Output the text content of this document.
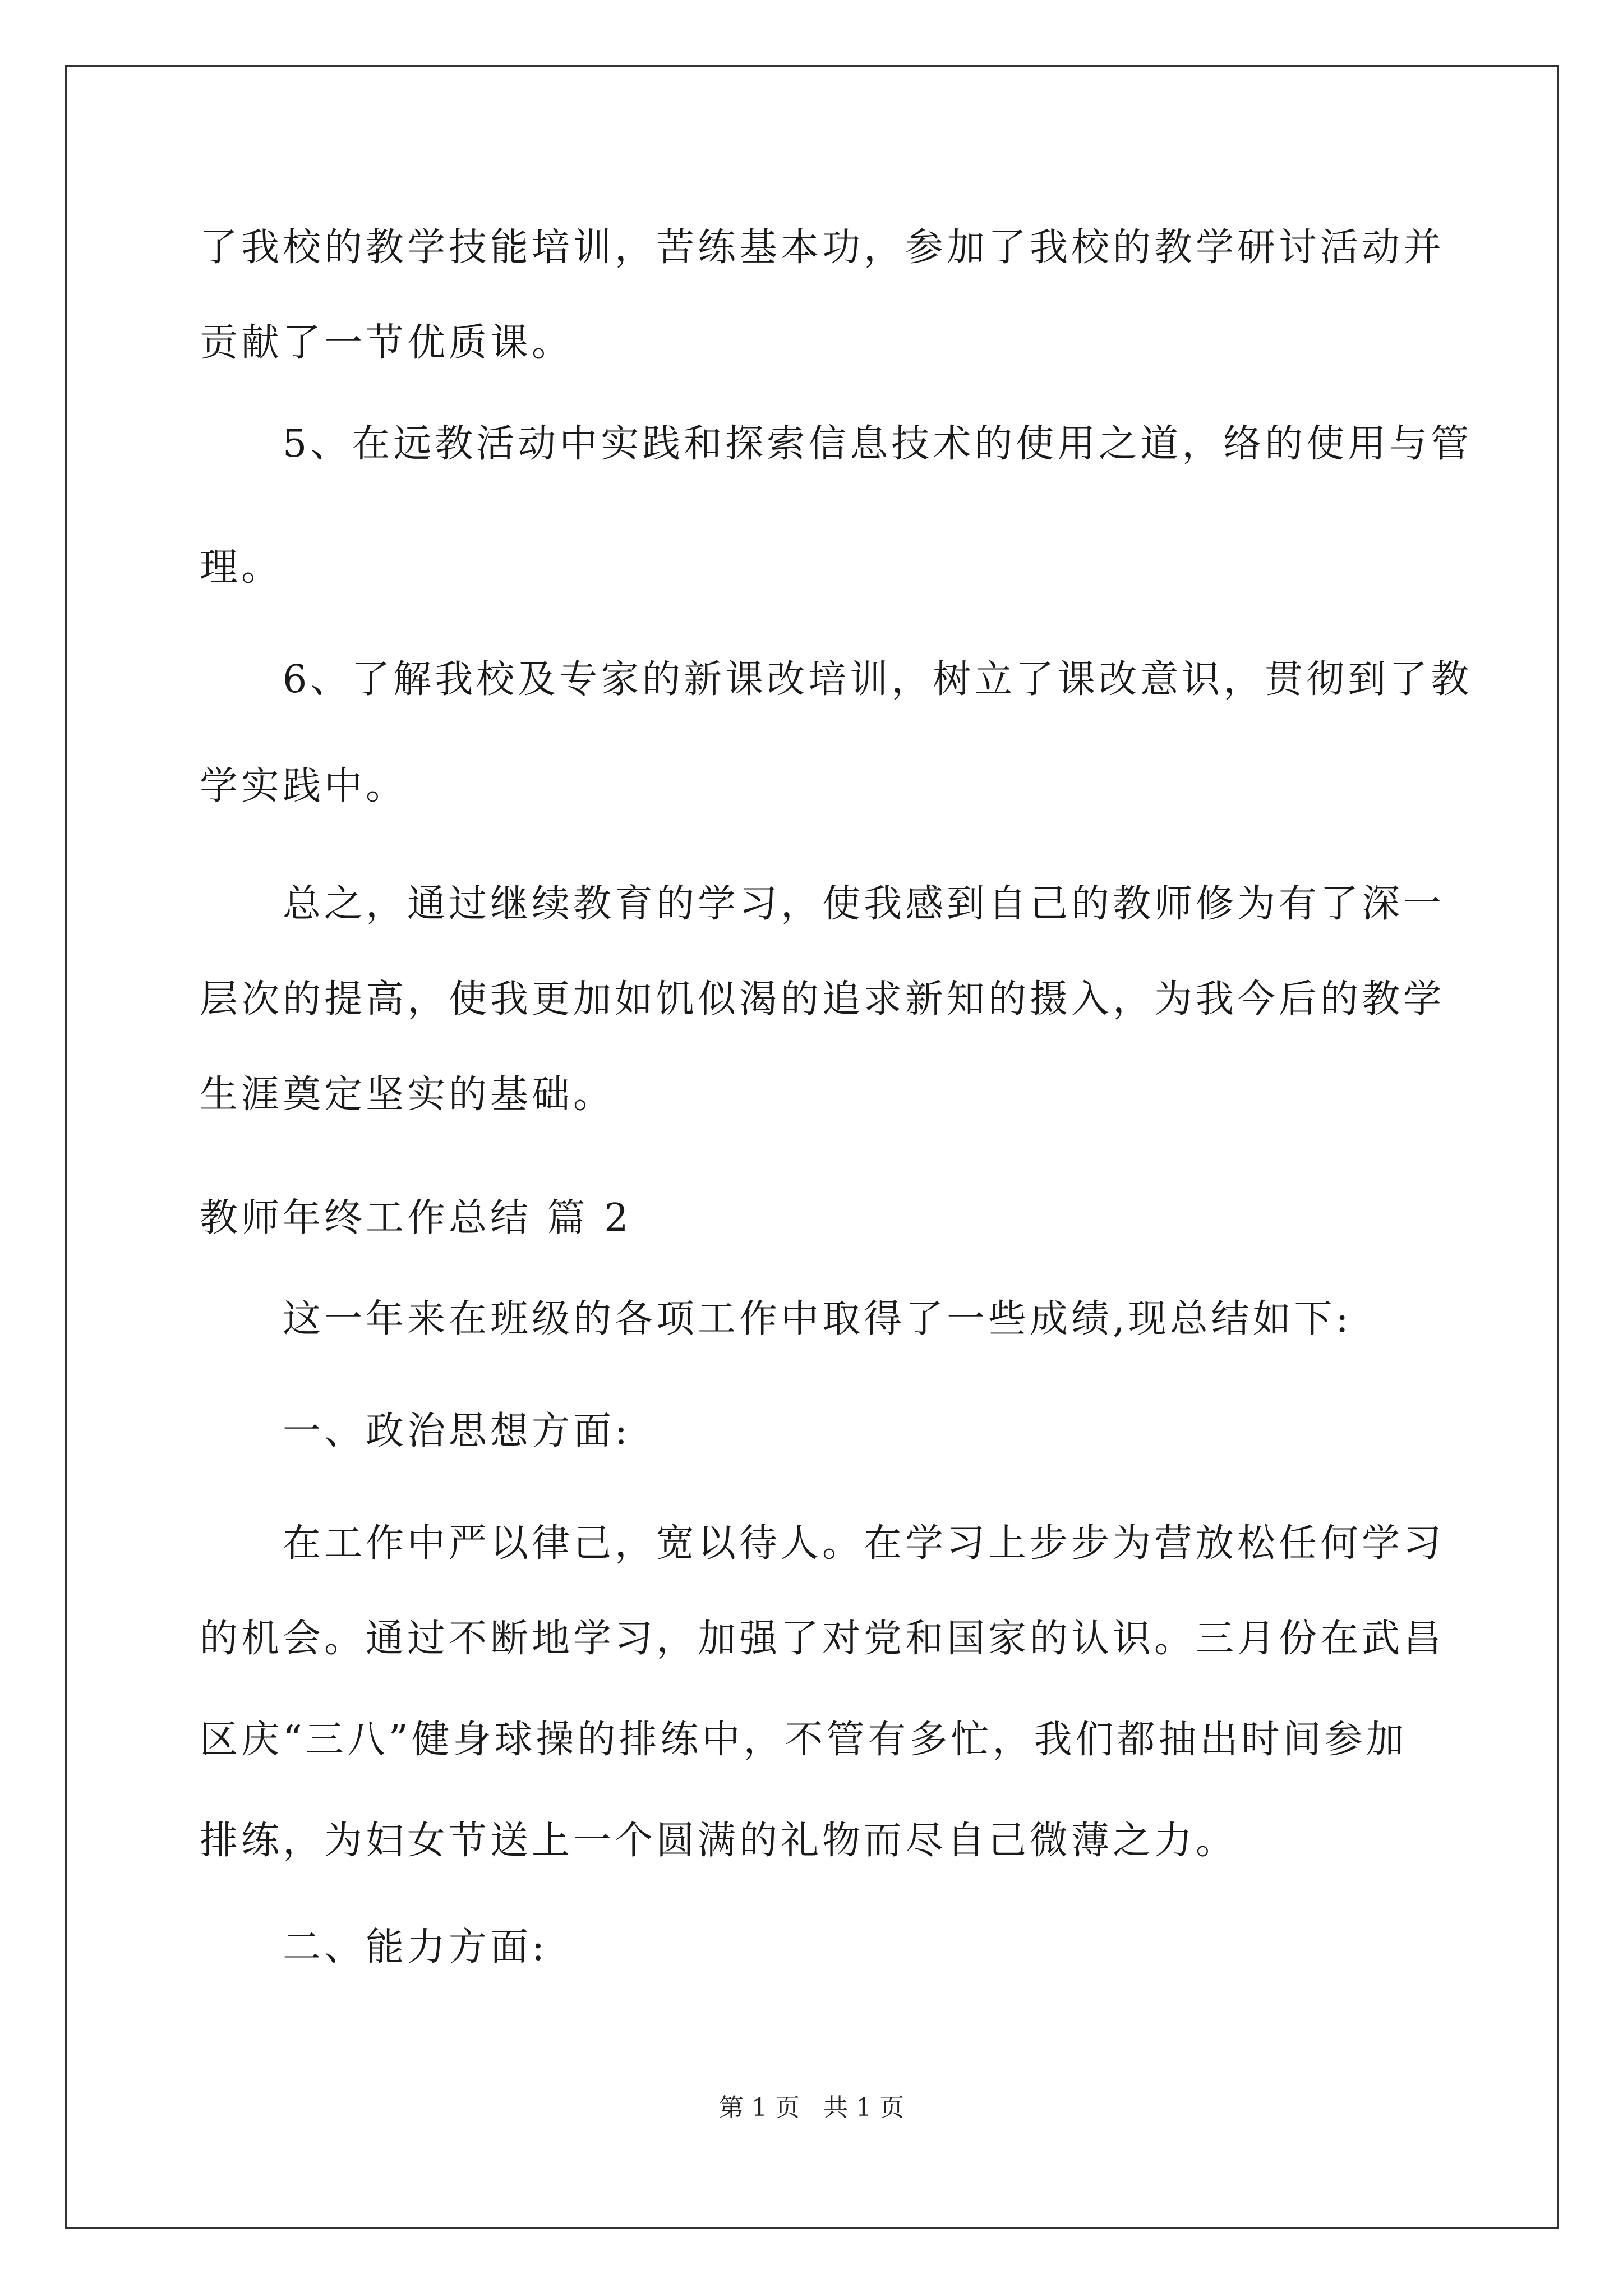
了我校的教学技能培训，苦练基本功，参加了我校的教学研讨活动并
贡献了一节优质课。
5、在远教活动中实践和探索信息技术的使用之道，络的使用与管
理。
6、了解我校及专家的新课改培训，树立了课改意识，贯彻到了教
学实践中。
总之，通过继续教育的学习，使我感到自己的教师修为有了深一
层次的提高，使我更加如饥似渴的追求新知的摄入，为我今后的教学
生涯奠定坚实的基础。
教师年终工作总结 篇 2
这一年来在班级的各项工作中取得了一些成绩,现总结如下:
一、政治思想方面:
在工作中严以律己，宽以待人。在学习上步步为营放松任何学习
的机会。通过不断地学习，加强了对党和国家的认识。三月份在武昌
区庆“三八”健身球操的排练中，不管有多忙，我们都抽出时间参加
排练，为妇女节送上一个圆满的礼物而尽自己微薄之力。
二、能力方面:
第 1 页 共 1 页
